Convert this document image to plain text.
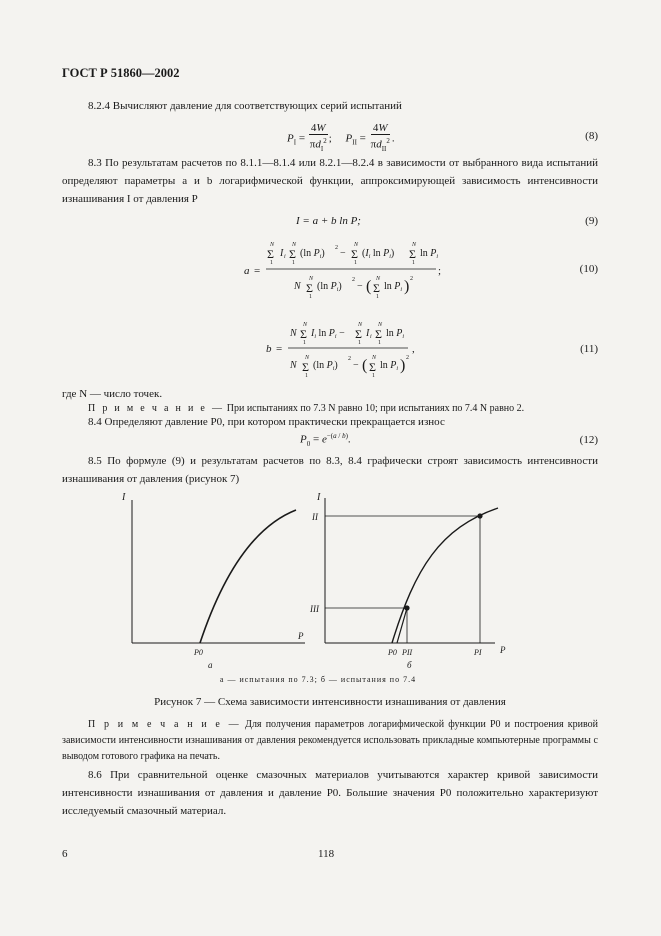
ГОСТ Р 51860—2002
8.2.4 Вычисляют давление для соответствующих серий испытаний
$P_I = \frac{4W}{\pi d_I^2}$ ;     $P_{II} = \frac{4W}{\pi d_{II}^2}$ .	(8)
8.3 По результатам расчетов по 8.1.1—8.1.4 или 8.2.1—8.2.4 в зависимости от выбранного вида испытаний определяют параметры a и b логарифмической функции, аппроксимирующей зависимость интенсивности изнашивания I от давления P
I = a + b ln P;	(9)
a =
N
Σ
1
I i
N
Σ
1
(ln $P_i$) 2 −
N
Σ
1
($I_i$ $\ln P_i$)
N
Σ
1
$\ln P_i$
N
N
Σ
1
(ln $P_i$)
2
− ( N
Σ
1
$\ln P_i$ ) 2
;	(10)
b =
N
N
Σ
1
$I_i$ $\ln P_i$ −
N
Σ
1
I i
N
Σ
1
$\ln P_i$
N
N
Σ
1
(ln $P_i$)
2
− ( N
Σ
1
$\ln P_i$ ) 2
,	(11)
где N — число точек.
П р и м е ч а н и е — При испытаниях по 7.3 N равно 10; при испытаниях по 7.4 N равно 2.
8.4 Определяют давление P0, при котором практически прекращается износ
$P_0 = e^{-(a / b)}$.	(12)
8.5 По формуле (9) и результатам расчетов по 8.3, 8.4 графически строят зависимость интенсивности изнашивания от давления (рисунок 7)
I
P
P0
а
I
II
III
P0 PII	PI P
б
а — испытания по 7.3; б — испытания по 7.4
Рисунок 7 — Схема зависимости интенсивности изнашивания от давления
П р и м е ч а н и е — Для получения параметров логарифмической функции P0 и построения кривой зависимости интенсивности изнашивания от давления рекомендуется использовать прикладные компьютерные программы с выводом готового графика на печать.
8.6 При сравнительной оценке смазочных материалов учитываются характер кривой зависимости интенсивности изнашивания от давления и давление P0. Большие значения P0 положительно характеризуют исследуемый смазочный материал.
6	118
